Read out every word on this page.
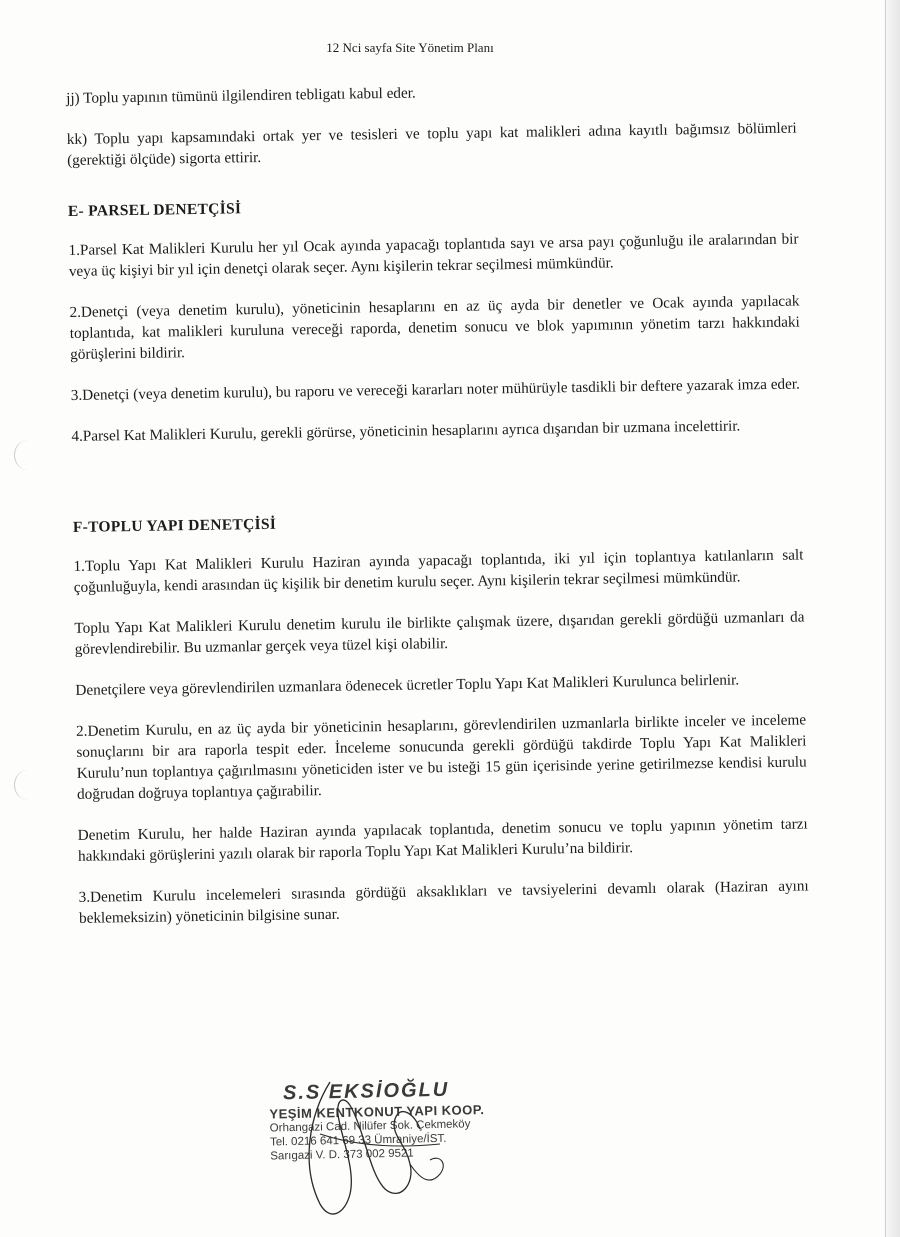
12 Nci sayfa Site Yönetim Planı

jj) Toplu yapının tümünü ilgilendiren tebligatı kabul eder.

kk) Toplu yapı kapsamındaki ortak yer ve tesisleri ve toplu yapı kat malikleri adına kayıtlı bağımsız bölümleri (gerektiği ölçüde) sigorta ettirir.

E- PARSEL DENETÇİSİ

1.Parsel Kat Malikleri Kurulu her yıl Ocak ayında yapacağı toplantıda sayı ve arsa payı çoğunluğu ile aralarından bir veya üç kişiyi bir yıl için denetçi olarak seçer. Aynı kişilerin tekrar seçilmesi mümkündür.

2.Denetçi (veya denetim kurulu), yöneticinin hesaplarını en az üç ayda bir denetler ve Ocak ayında yapılacak toplantıda, kat malikleri kuruluna vereceği raporda, denetim sonucu ve blok yapımının yönetim tarzı hakkındaki görüşlerini bildirir.

3.Denetçi (veya denetim kurulu), bu raporu ve vereceği kararları noter mühürüyle tasdikli bir deftere yazarak imza eder.

4.Parsel Kat Malikleri Kurulu, gerekli görürse, yöneticinin hesaplarını ayrıca dışarıdan bir uzmana incelettirir.

F-TOPLU YAPI DENETÇİSİ

1.Toplu Yapı Kat Malikleri Kurulu Haziran ayında yapacağı toplantıda, iki yıl için toplantıya katılanların salt çoğunluğuyla, kendi arasından üç kişilik bir denetim kurulu seçer. Aynı kişilerin tekrar seçilmesi mümkündür.

Toplu Yapı Kat Malikleri Kurulu denetim kurulu ile birlikte çalışmak üzere, dışarıdan gerekli gördüğü uzmanları da görevlendirebilir. Bu uzmanlar gerçek veya tüzel kişi olabilir.

Denetçilere veya görevlendirilen uzmanlara ödenecek ücretler Toplu Yapı Kat Malikleri Kurulunca belirlenir.

2.Denetim Kurulu, en az üç ayda bir yöneticinin hesaplarını, görevlendirilen uzmanlarla birlikte inceler ve inceleme sonuçlarını bir ara raporla tespit eder. İnceleme sonucunda gerekli gördüğü takdirde Toplu Yapı Kat Malikleri Kurulu’nun toplantıya çağırılmasını yöneticiden ister ve bu isteği 15 gün içerisinde yerine getirilmezse kendisi kurulu doğrudan doğruya toplantıya çağırabilir.

Denetim Kurulu, her halde Haziran ayında yapılacak toplantıda, denetim sonucu ve toplu yapının yönetim tarzı hakkındaki görüşlerini yazılı olarak bir raporla Toplu Yapı Kat Malikleri Kurulu’na bildirir.

3.Denetim Kurulu incelemeleri sırasında gördüğü aksaklıkları ve tavsiyelerini devamlı olarak (Haziran ayını beklemeksizin) yöneticinin bilgisine sunar.

S.S EKSİOĞLU
YEŞİM KENTKONUT YAPI KOOP.
Orhangazi Cad. Nilüfer Sok. Çekmeköy
Tel. 0216 641 69 33 Ümraniye/İST.
Sarıgazi V. D. 373 002 9521
